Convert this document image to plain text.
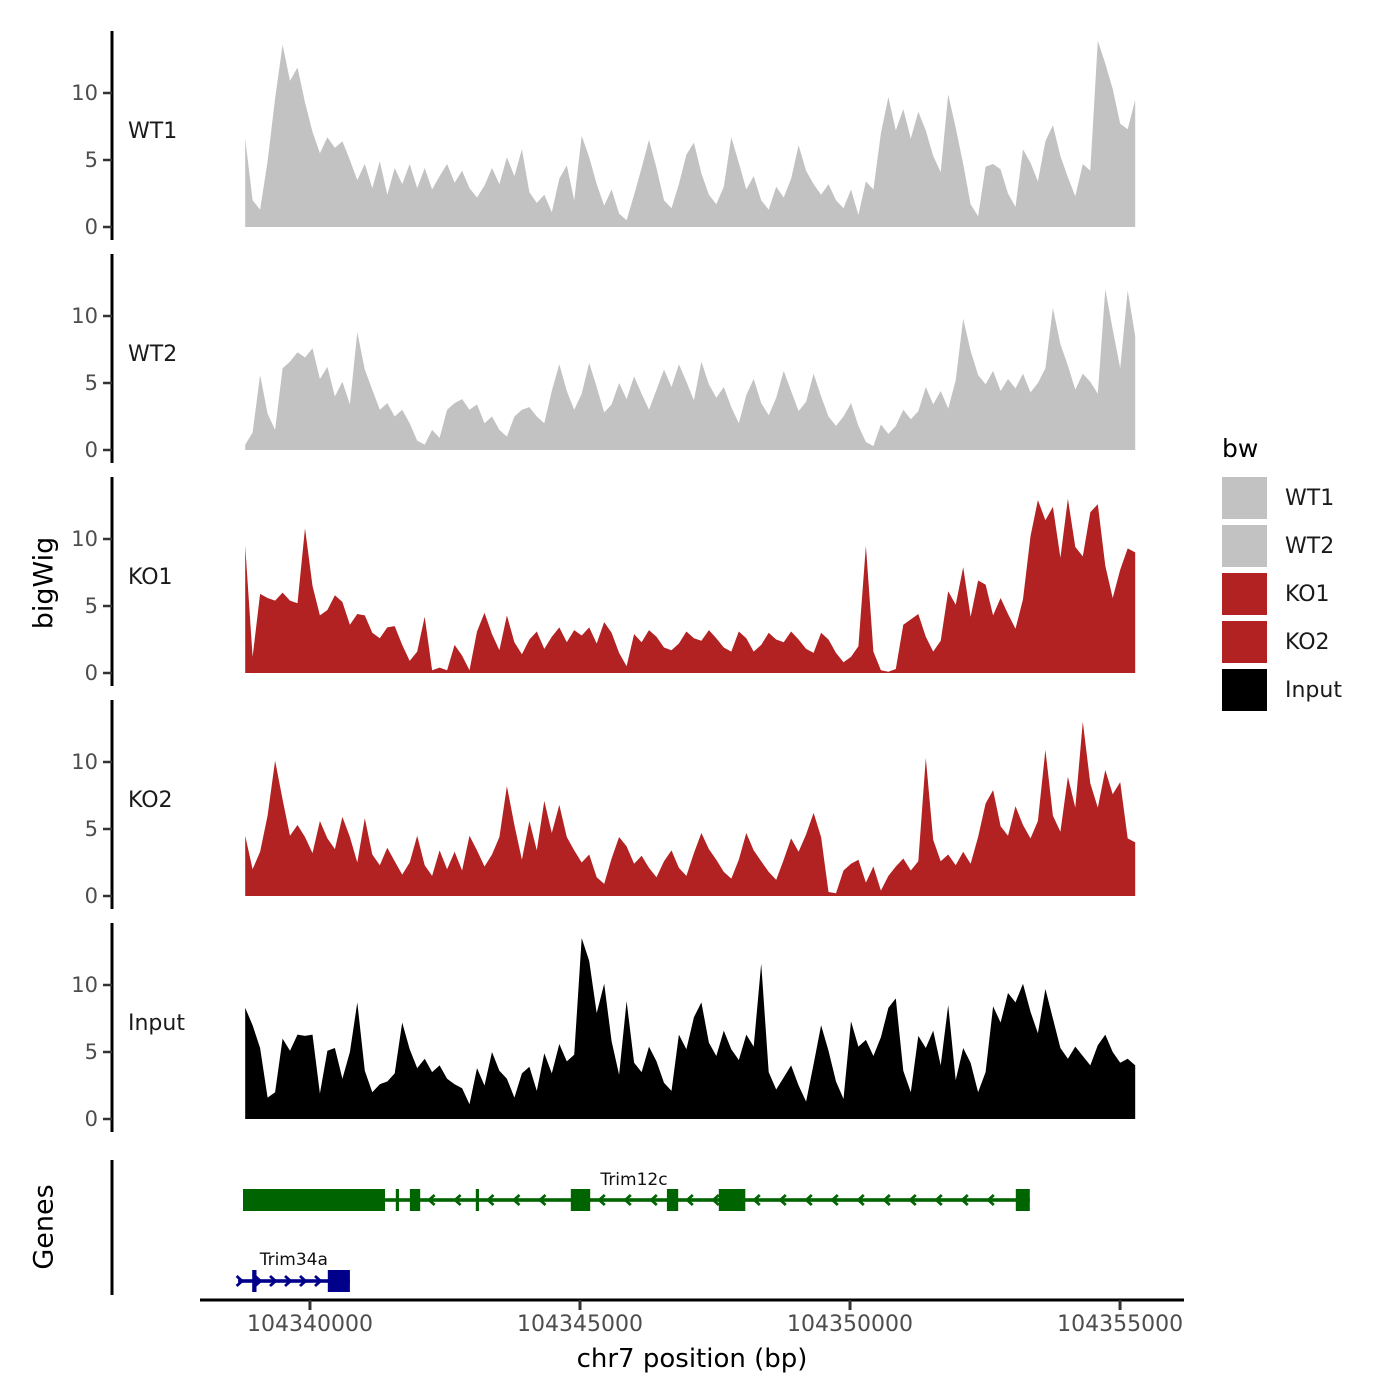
bigWig
Genes
WT1
WT2
KO1
KO2
Input
104340000	104345000	104350000	104355000
chr7 position (bp)
Trim12c
Trim34a
bw
WT1
WT2
KO1
KO2
Input
0
5
10
0
5
10
0
5
10
0
5
10
0
5
10
